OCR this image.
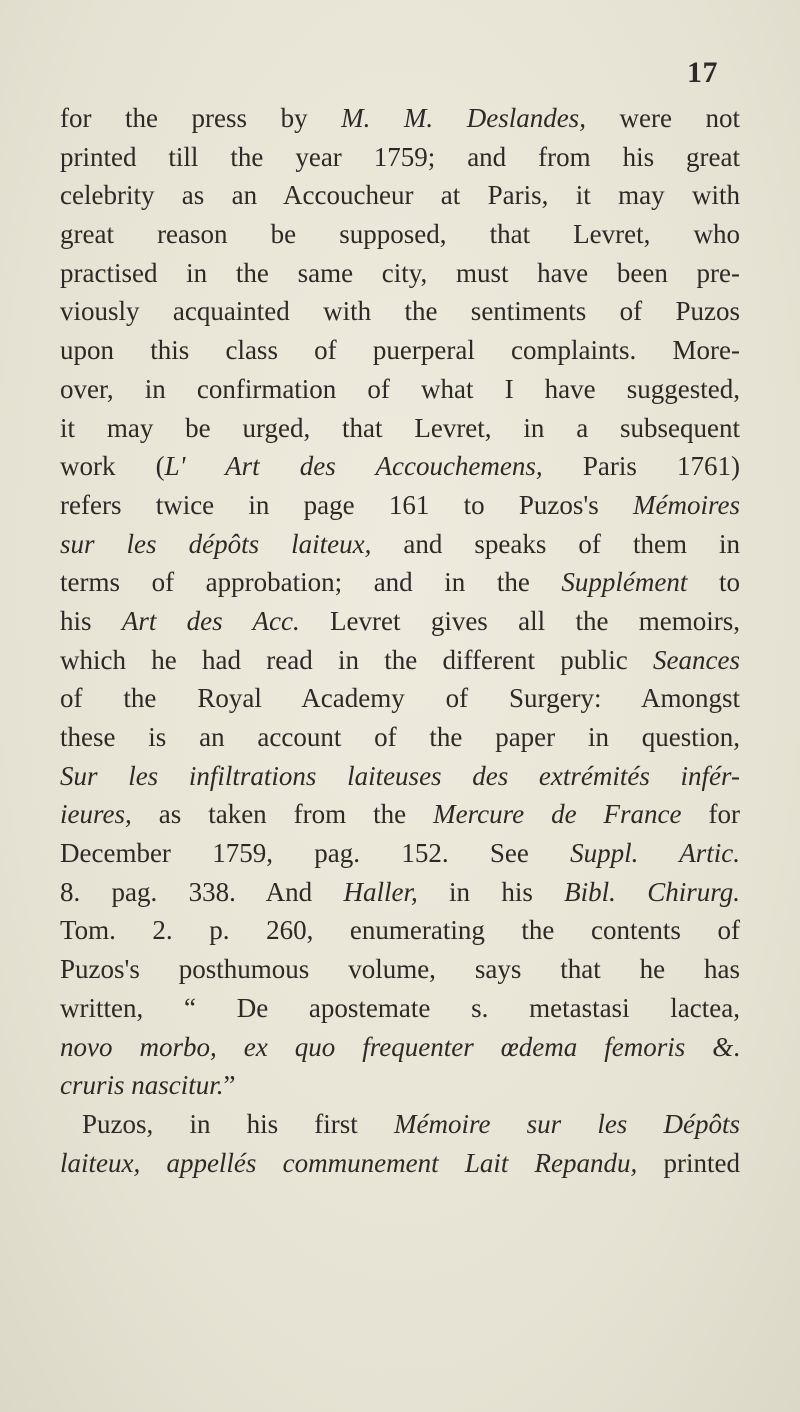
17
for the press by M. M. Deslandes, were not
printed till the year 1759; and from his great
celebrity as an Accoucheur at Paris, it may with
great reason be supposed, that Levret, who
practised in the same city, must have been pre-
viously acquainted with the sentiments of Puzos
upon this class of puerperal complaints. More-
over, in confirmation of what I have suggested,
it may be urged, that Levret, in a subsequent
work (L' Art des Accouchemens, Paris 1761)
refers twice in page 161 to Puzos's Mémoires
sur les dépôts laiteux, and speaks of them in
terms of approbation; and in the Supplément to
his Art des Acc. Levret gives all the memoirs,
which he had read in the different public Seances
of the Royal Academy of Surgery: Amongst
these is an account of the paper in question,
Sur les infiltrations laiteuses des extrémités infér-
ieures, as taken from the Mercure de France for
December 1759, pag. 152. See Suppl. Artic.
8. pag. 338. And Haller, in his Bibl. Chirurg.
Tom. 2. p. 260, enumerating the contents of
Puzos's posthumous volume, says that he has
written, “ De apostemate s. metastasi lactea,
novo morbo, ex quo frequenter œdema femoris &.
cruris nascitur.”
Puzos, in his first Mémoire sur les Dépôts
laiteux, appellés communement Lait Repandu, printed
